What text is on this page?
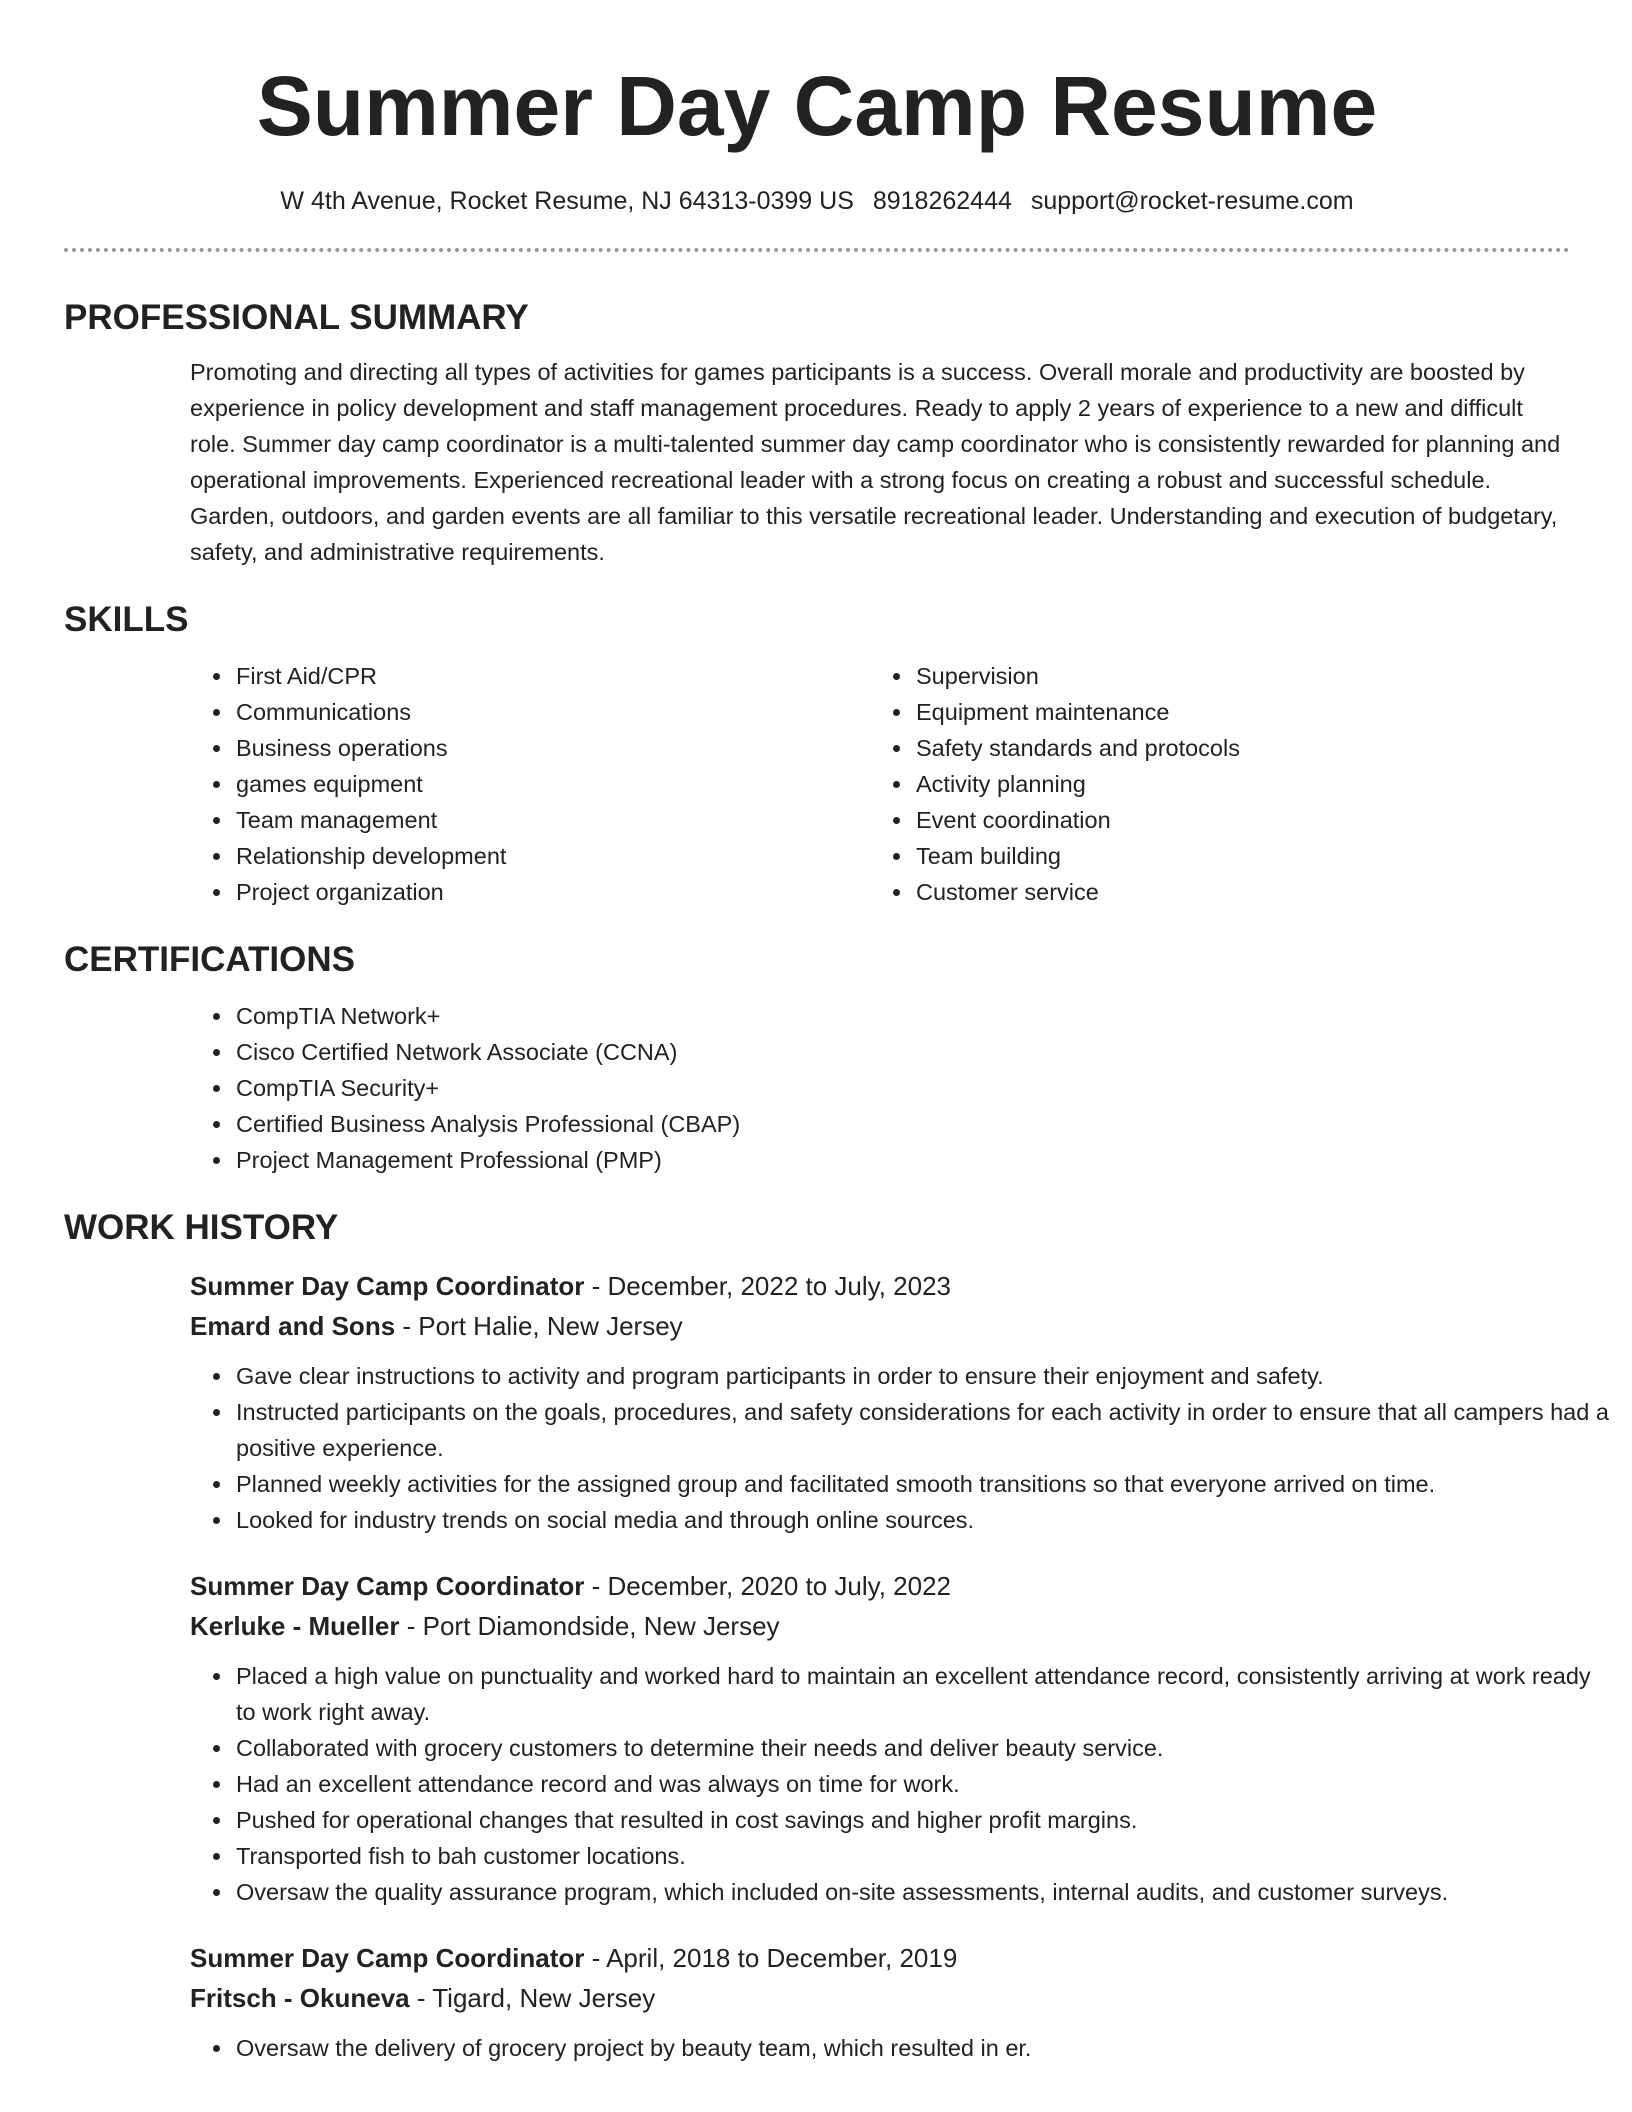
Summer Day Camp Resume
W 4th Avenue, Rocket Resume, NJ 64313-0399 US 8918262444 support@rocket-resume.com
PROFESSIONAL SUMMARY
Promoting and directing all types of activities for games participants is a success. Overall morale and productivity are boosted by experience in policy development and staff management procedures. Ready to apply 2 years of experience to a new and difficult role. Summer day camp coordinator is a multi-talented summer day camp coordinator who is consistently rewarded for planning and operational improvements. Experienced recreational leader with a strong focus on creating a robust and successful schedule. Garden, outdoors, and garden events are all familiar to this versatile recreational leader. Understanding and execution of budgetary, safety, and administrative requirements.
SKILLS
• First Aid/CPR
• Communications
• Business operations
• games equipment
• Team management
• Relationship development
• Project organization
• Supervision
• Equipment maintenance
• Safety standards and protocols
• Activity planning
• Event coordination
• Team building
• Customer service
CERTIFICATIONS
• CompTIA Network+
• Cisco Certified Network Associate (CCNA)
• CompTIA Security+
• Certified Business Analysis Professional (CBAP)
• Project Management Professional (PMP)
WORK HISTORY
Summer Day Camp Coordinator - December, 2022 to July, 2023
Emard and Sons - Port Halie, New Jersey
• Gave clear instructions to activity and program participants in order to ensure their enjoyment and safety.
• Instructed participants on the goals, procedures, and safety considerations for each activity in order to ensure that all campers had a positive experience.
• Planned weekly activities for the assigned group and facilitated smooth transitions so that everyone arrived on time.
• Looked for industry trends on social media and through online sources.
Summer Day Camp Coordinator - December, 2020 to July, 2022
Kerluke - Mueller - Port Diamondside, New Jersey
• Placed a high value on punctuality and worked hard to maintain an excellent attendance record, consistently arriving at work ready to work right away.
• Collaborated with grocery customers to determine their needs and deliver beauty service.
• Had an excellent attendance record and was always on time for work.
• Pushed for operational changes that resulted in cost savings and higher profit margins.
• Transported fish to bah customer locations.
• Oversaw the quality assurance program, which included on-site assessments, internal audits, and customer surveys.
Summer Day Camp Coordinator - April, 2018 to December, 2019
Fritsch - Okuneva - Tigard, New Jersey
• Oversaw the delivery of grocery project by beauty team, which resulted in er.
